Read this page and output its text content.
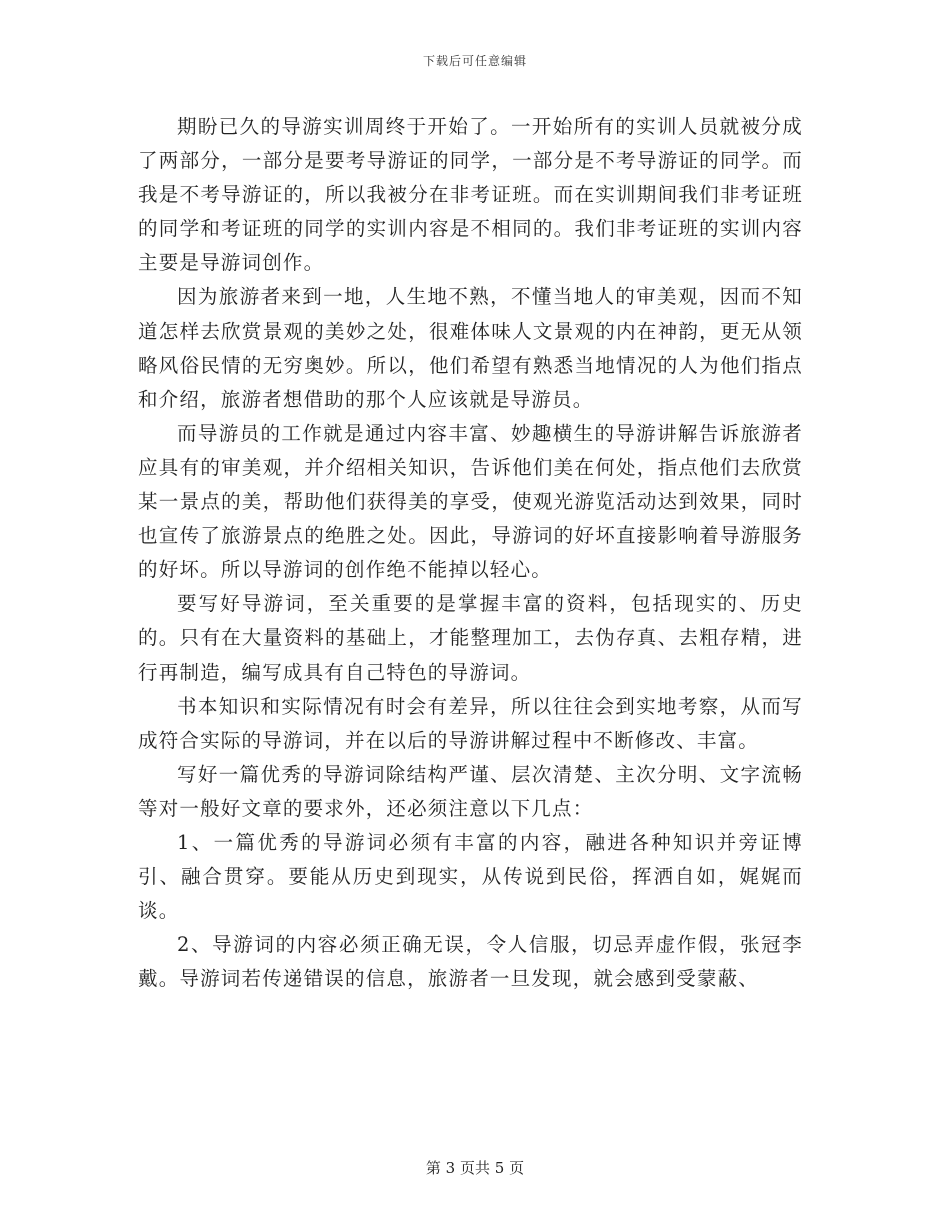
下载后可任意编辑

期盼已久的导游实训周终于开始了。一开始所有的实训人员就被分成了两部分，一部分是要考导游证的同学，一部分是不考导游证的同学。而我是不考导游证的，所以我被分在非考证班。而在实训期间我们非考证班的同学和考证班的同学的实训内容是不相同的。我们非考证班的实训内容主要是导游词创作。

因为旅游者来到一地，人生地不熟，不懂当地人的审美观，因而不知道怎样去欣赏景观的美妙之处，很难体味人文景观的内在神韵，更无从领略风俗民情的无穷奥妙。所以，他们希望有熟悉当地情况的人为他们指点和介绍，旅游者想借助的那个人应该就是导游员。

而导游员的工作就是通过内容丰富、妙趣横生的导游讲解告诉旅游者应具有的审美观，并介绍相关知识，告诉他们美在何处，指点他们去欣赏某一景点的美，帮助他们获得美的享受，使观光游览活动达到效果，同时也宣传了旅游景点的绝胜之处。因此，导游词的好坏直接影响着导游服务的好坏。所以导游词的创作绝不能掉以轻心。

要写好导游词，至关重要的是掌握丰富的资料，包括现实的、历史的。只有在大量资料的基础上，才能整理加工，去伪存真、去粗存精，进行再制造，编写成具有自己特色的导游词。

书本知识和实际情况有时会有差异，所以往往会到实地考察，从而写成符合实际的导游词，并在以后的导游讲解过程中不断修改、丰富。

写好一篇优秀的导游词除结构严谨、层次清楚、主次分明、文字流畅等对一般好文章的要求外，还必须注意以下几点：

1、一篇优秀的导游词必须有丰富的内容，融进各种知识并旁证博引、融合贯穿。要能从历史到现实，从传说到民俗，挥洒自如，娓娓而谈。

2、导游词的内容必须正确无误，令人信服，切忌弄虚作假，张冠李戴。导游词若传递错误的信息，旅游者一旦发现，就会感到受蒙蔽、

第 3 页共 5 页
